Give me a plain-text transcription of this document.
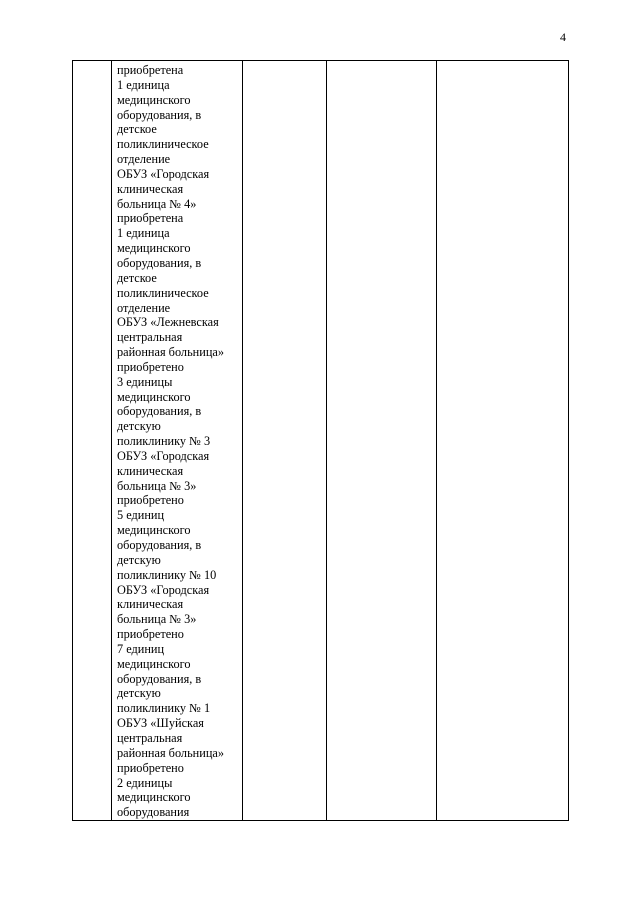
4

приобретена
1 единица
медицинского
оборудования, в
детское
поликлиническое
отделение
ОБУЗ «Городская
клиническая
больница № 4»
приобретена
1 единица
медицинского
оборудования, в
детское
поликлиническое
отделение
ОБУЗ «Лежневская
центральная
районная больница»
приобретено
3 единицы
медицинского
оборудования, в
детскую
поликлинику № 3
ОБУЗ «Городская
клиническая
больница № 3»
приобретено
5 единиц
медицинского
оборудования, в
детскую
поликлинику № 10
ОБУЗ «Городская
клиническая
больница № 3»
приобретено
7 единиц
медицинского
оборудования, в
детскую
поликлинику № 1
ОБУЗ «Шуйская
центральная
районная больница»
приобретено
2 единицы
медицинского
оборудования
